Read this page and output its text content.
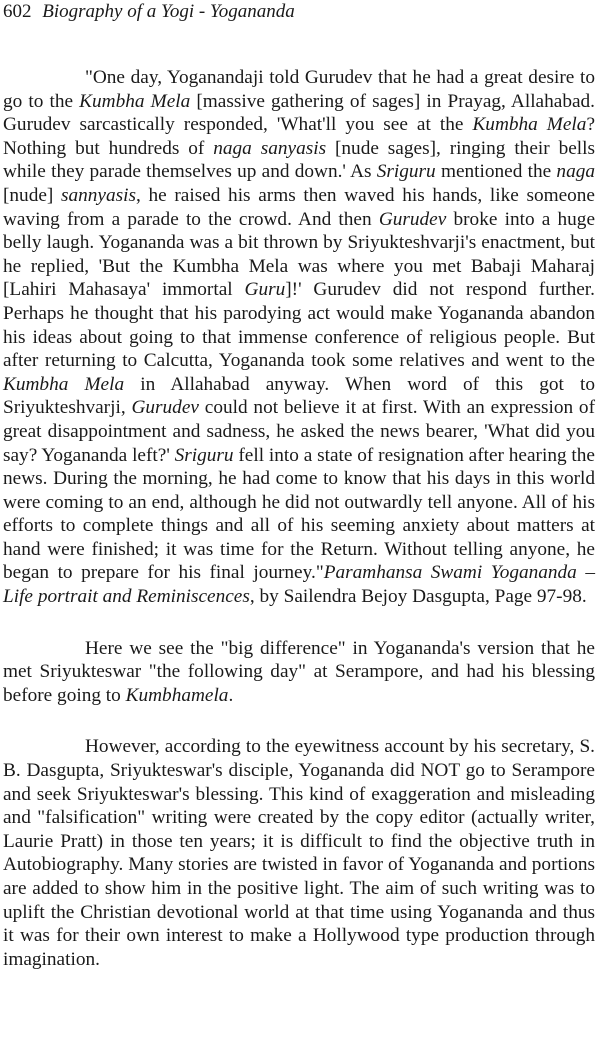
602 Biography of a Yogi - Yogananda

"One day, Yoganandaji told Gurudev that he had a great desire to go to the Kumbha Mela [massive gathering of sages] in Prayag, Allahabad. Gurudev sarcastically responded, 'What'll you see at the Kumbha Mela? Nothing but hundreds of naga sanyasis [nude sages], ringing their bells while they parade themselves up and down.' As Sriguru mentioned the naga [nude] sannyasis, he raised his arms then waved his hands, like someone waving from a parade to the crowd. And then Gurudev broke into a huge belly laugh. Yogananda was a bit thrown by Sriyukteshvarji's enactment, but he replied, 'But the Kumbha Mela was where you met Babaji Maharaj [Lahiri Mahasaya' immortal Guru]!' Gurudev did not respond further. Perhaps he thought that his parodying act would make Yogananda abandon his ideas about going to that immense conference of religious people. But after returning to Calcutta, Yogananda took some relatives and went to the Kumbha Mela in Allahabad anyway. When word of this got to Sriyukteshvarji, Gurudev could not believe it at first. With an expression of great disappointment and sadness, he asked the news bearer, 'What did you say? Yogananda left?' Sriguru fell into a state of resignation after hearing the news. During the morning, he had come to know that his days in this world were coming to an end, although he did not outwardly tell anyone. All of his efforts to complete things and all of his seeming anxiety about matters at hand were finished; it was time for the Return. Without telling anyone, he began to prepare for his final journey."Paramhansa Swami Yogananda – Life portrait and Reminiscences, by Sailendra Bejoy Dasgupta, Page 97-98.

Here we see the "big difference" in Yogananda's version that he met Sriyukteswar "the following day" at Serampore, and had his blessing before going to Kumbhamela.

However, according to the eyewitness account by his secretary, S. B. Dasgupta, Sriyukteswar's disciple, Yogananda did NOT go to Serampore and seek Sriyukteswar's blessing. This kind of exaggeration and misleading and "falsification" writing were created by the copy editor (actually writer, Laurie Pratt) in those ten years; it is difficult to find the objective truth in Autobiography. Many stories are twisted in favor of Yogananda and portions are added to show him in the positive light. The aim of such writing was to uplift the Christian devotional world at that time using Yogananda and thus it was for their own interest to make a Hollywood type production through imagination.
